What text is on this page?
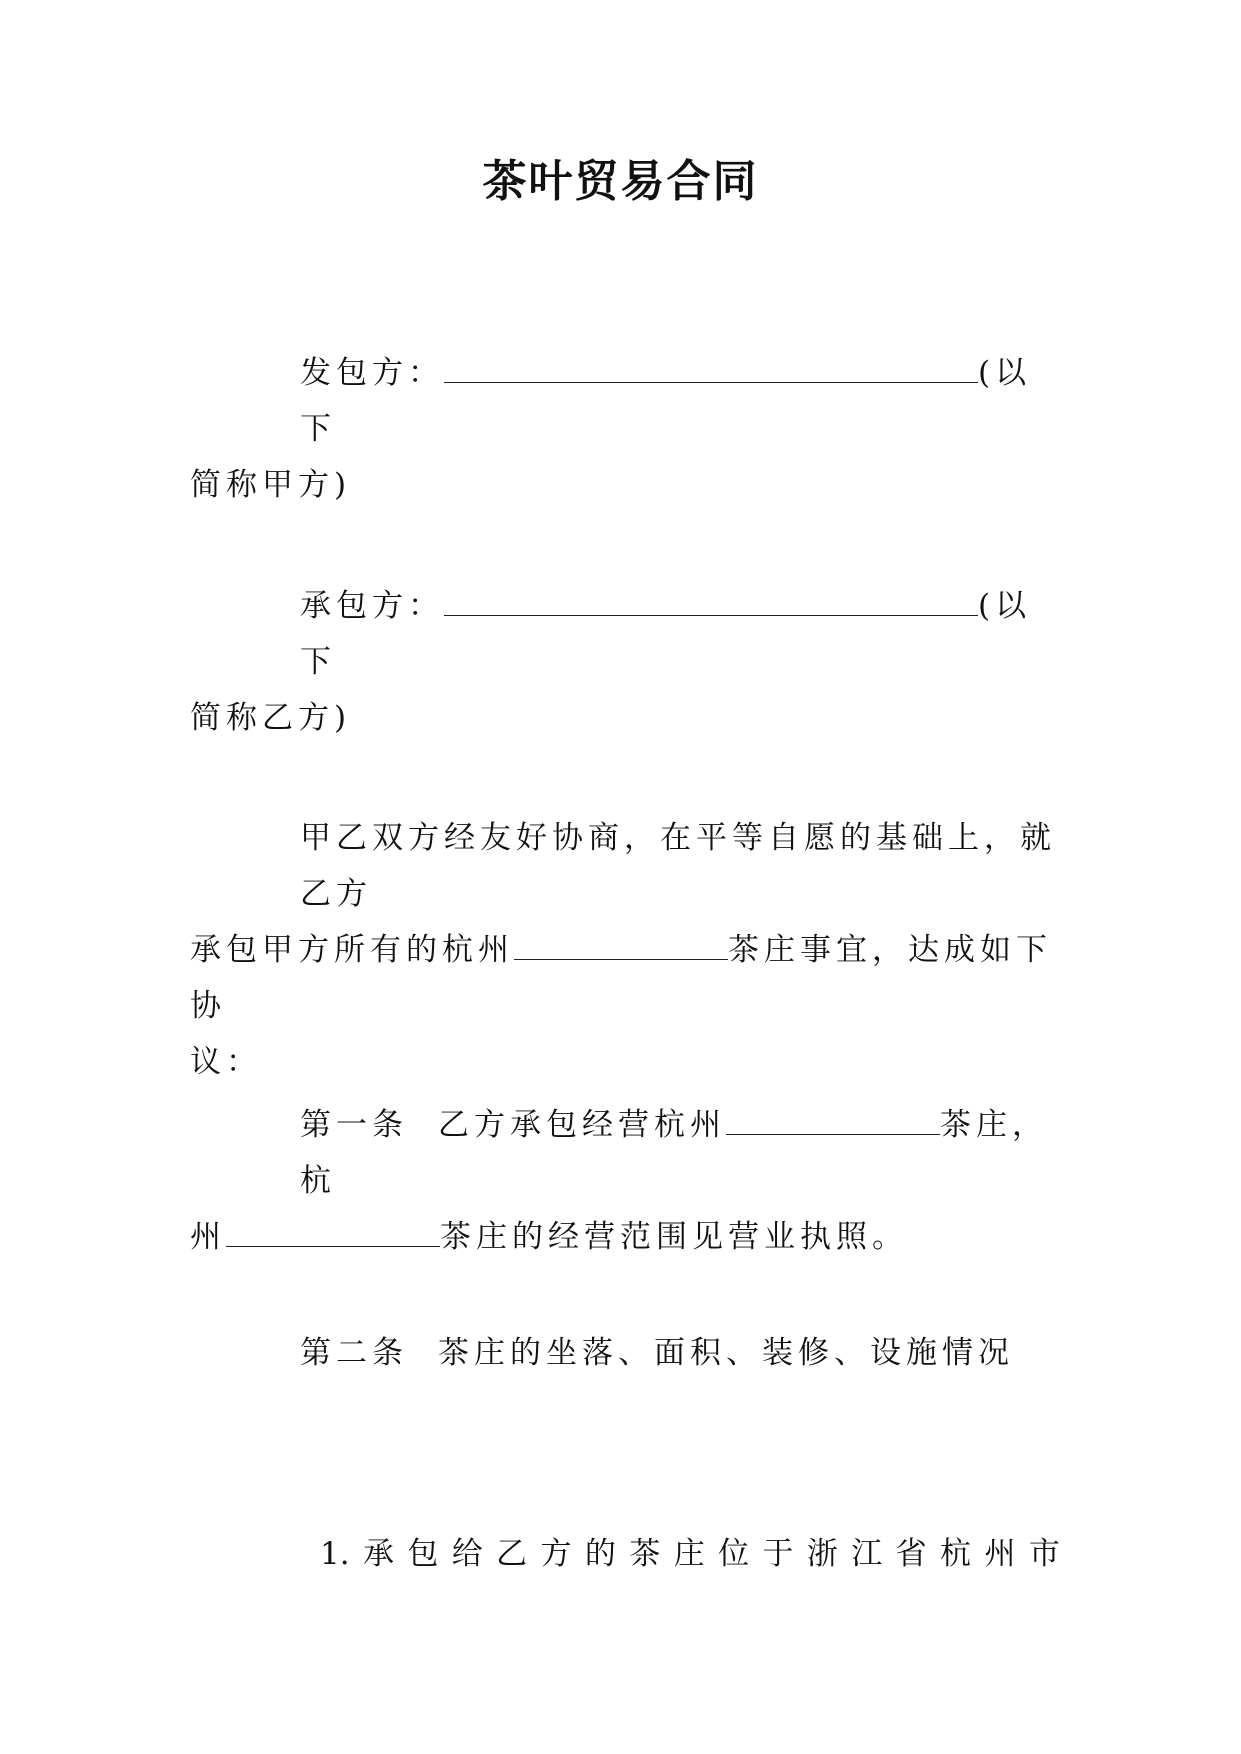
茶叶贸易合同
发包方：	(以下
简称甲方)
承包方：	(以下
简称乙方)
甲乙双方经友好协商，在平等自愿的基础上，就乙方
承包甲方所有的杭州	茶庄事宜，达成如下协
议：
第一条 乙方承包经营杭州	茶庄，杭
州	茶庄的经营范围见营业执照。
第二条 茶庄的坐落、面积、装修、设施情况
1. 承 包 给 乙 方 的 茶 庄 位 于 浙 江 省 杭 州 市
